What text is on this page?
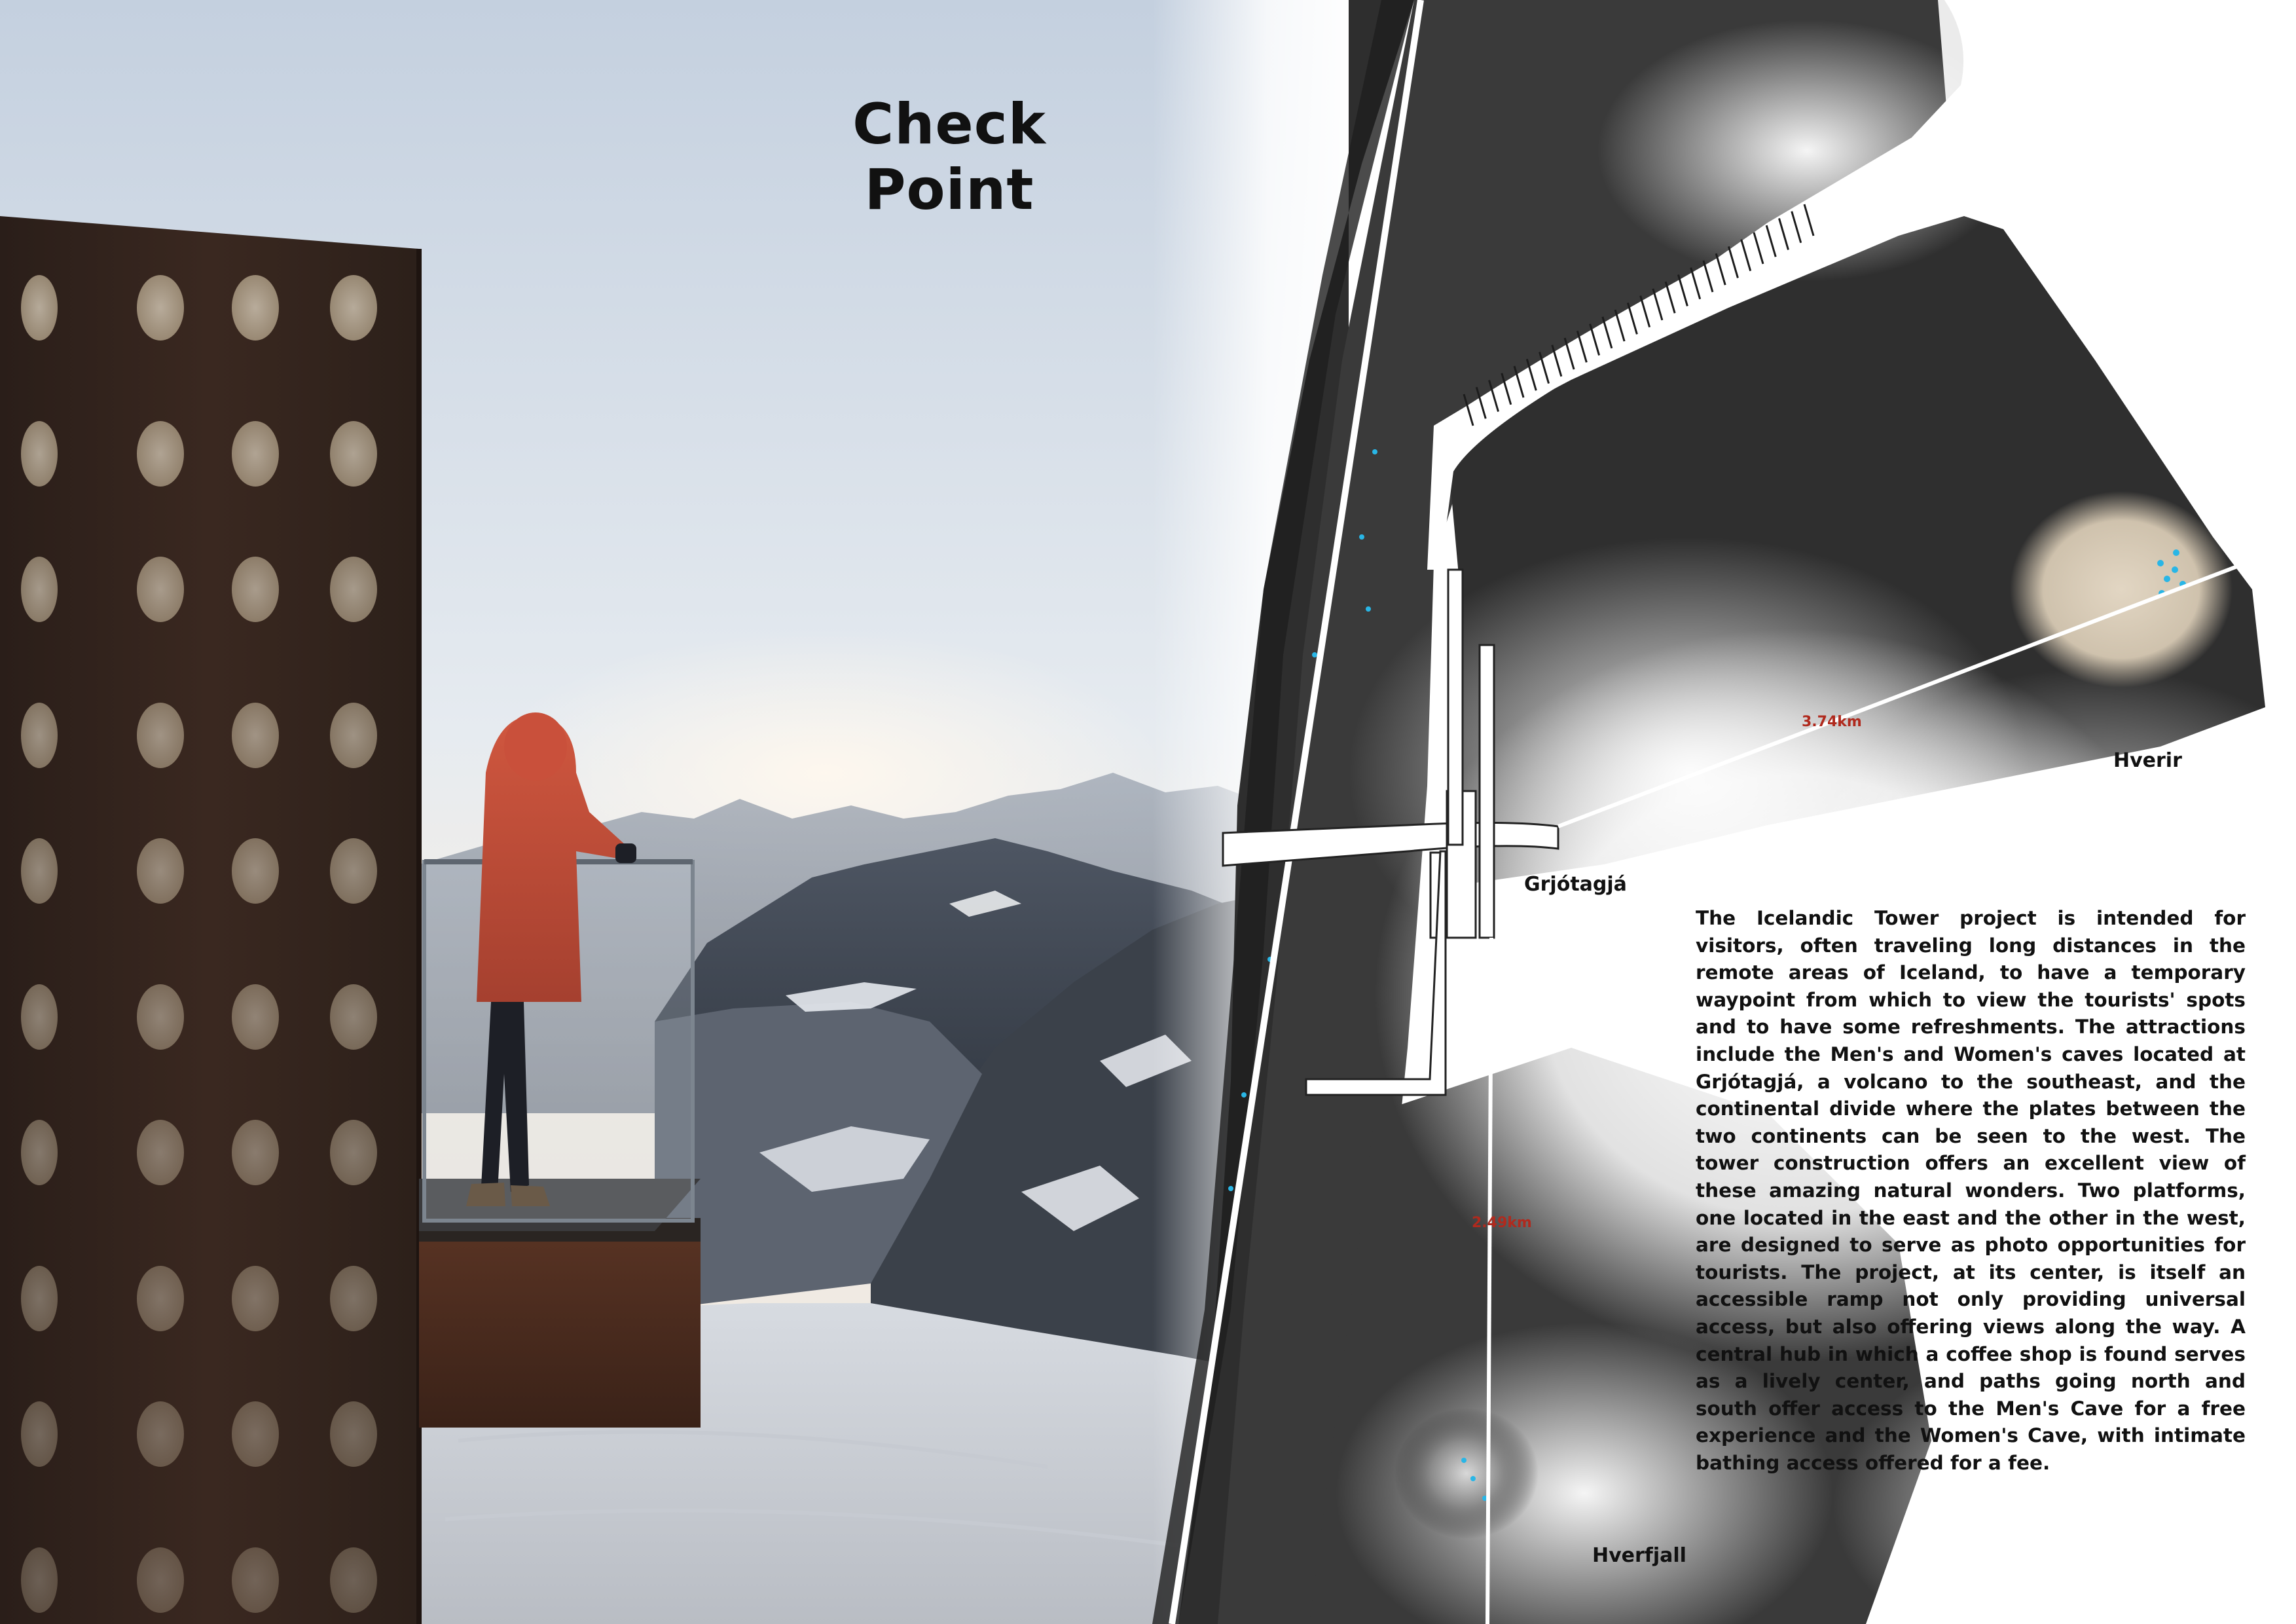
Check Point
Hverir
Grjótagjá
Hverfjall
3.74km
2.49km
The Icelandic Tower project is intended for visitors, often traveling long distances in the remote areas of Iceland, to have a temporary waypoint from which to view the tourists' spots and to have some refreshments. The attractions include the Men's and Women's caves located at Grjótagjá, a volcano to the southeast, and the continental divide where the plates between the two continents can be seen to the west. The tower construction offers an excellent view of these amazing natural wonders. Two platforms, one located in the east and the other in the west, are designed to serve as photo opportunities for tourists. The project, at its center, is itself an accessible ramp not only providing universal access, but also offering views along the way. A central hub in which a coffee shop is found serves as a lively center, and paths going north and south offer access to the Men's Cave for a free experience and the Women's Cave, with intimate bathing access offered for a fee.
